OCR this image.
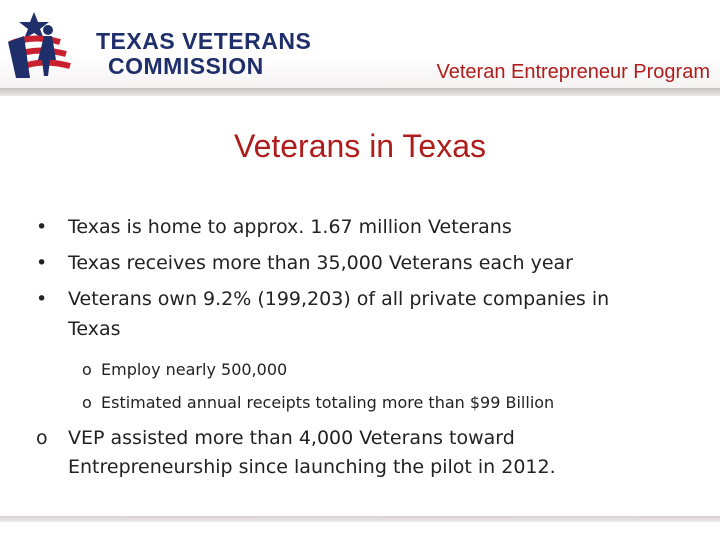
TEXAS VETERANS
COMMISSION	Veteran Entrepreneur Program
Veterans in Texas
• Texas is home to approx. 1.67 million Veterans
• Texas receives more than 35,000 Veterans each year
• Veterans own 9.2% (199,203) of all private companies in
Texas
o Employ nearly 500,000
o Estimated annual receipts totaling more than $99 Billion
o VEP assisted more than 4,000 Veterans toward
Entrepreneurship since launching the pilot in 2012.
